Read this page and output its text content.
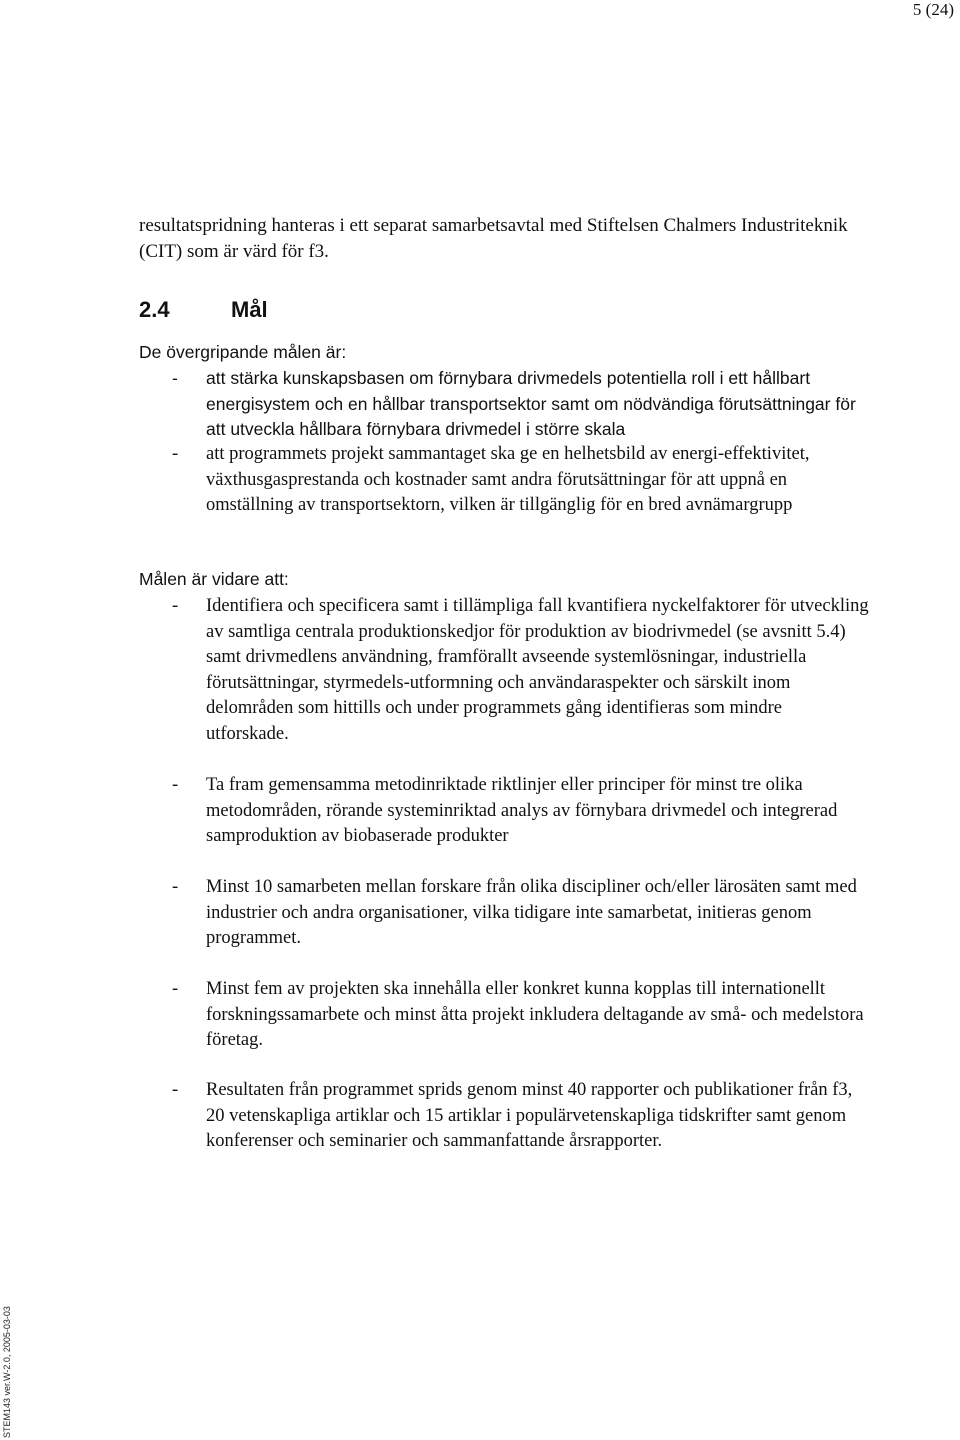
5 (24)
resultatspridning hanteras i ett separat samarbetsavtal med Stiftelsen Chalmers Industriteknik (CIT) som är värd för f3.
2.4	Mål
De övergripande målen är:
- att stärka kunskapsbasen om förnybara drivmedels potentiella roll i ett hållbart energisystem och en hållbar transportsektor samt om nödvändiga förutsättningar för att utveckla hållbara förnybara drivmedel i större skala
- att programmets projekt sammantaget ska ge en helhetsbild av energi-effektivitet, växthusgasprestanda och kostnader samt andra förutsättningar för att uppnå en omställning av transportsektorn, vilken är tillgänglig för en bred avnämargrupp
Målen är vidare att:
- Identifiera och specificera samt i tillämpliga fall kvantifiera nyckelfaktorer för utveckling av samtliga centrala produktionskedjor för produktion av biodrivmedel (se avsnitt 5.4) samt drivmedlens användning, framförallt avseende systemlösningar, industriella förutsättningar, styrmedels-utformning och användaraspekter och särskilt inom delområden som hittills och under programmets gång identifieras som mindre utforskade.
- Ta fram gemensamma metodinriktade riktlinjer eller principer för minst tre olika metodområden, rörande systeminriktad analys av förnybara drivmedel och integrerad samproduktion av biobaserade produkter
- Minst 10 samarbeten mellan forskare från olika discipliner och/eller lärosäten samt med industrier och andra organisationer, vilka tidigare inte samarbetat, initieras genom programmet.
- Minst fem av projekten ska innehålla eller konkret kunna kopplas till internationellt forskningssamarbete och minst åtta projekt inkludera deltagande av små- och medelstora företag.
- Resultaten från programmet sprids genom minst 40 rapporter och publikationer från f3, 20 vetenskapliga artiklar och 15 artiklar i populärvetenskapliga tidskrifter samt genom konferenser och seminarier och sammanfattande årsrapporter.
STEM143 ver.W-2.0, 2005-03-03
